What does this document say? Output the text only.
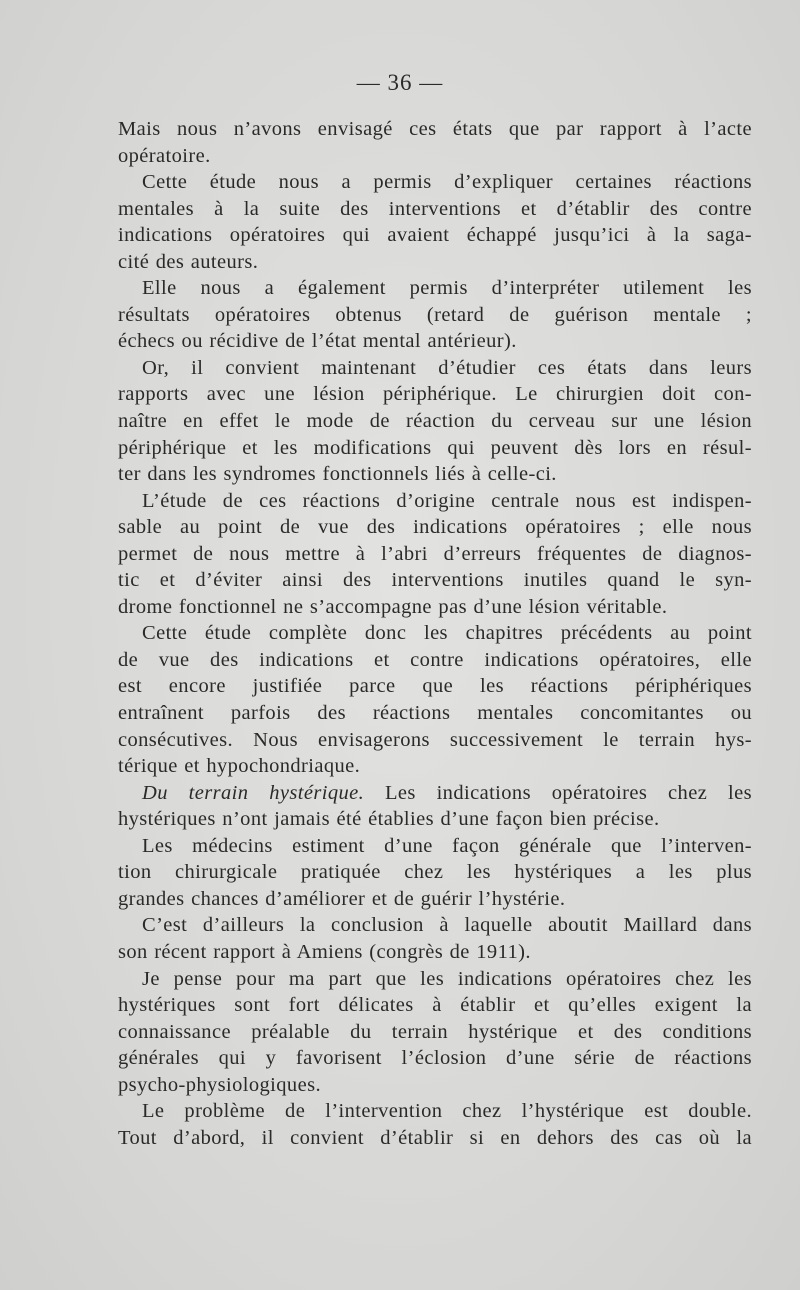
— 36 —
Mais nous n’avons envisagé ces états que par rapport à l’acte
opératoire.
Cette étude nous a permis d’expliquer certaines réactions
mentales à la suite des interventions et d’établir des contre
indications opératoires qui avaient échappé jusqu’ici à la saga-
cité des auteurs.
Elle nous a également permis d’interpréter utilement les
résultats opératoires obtenus (retard de guérison mentale ;
échecs ou récidive de l’état mental antérieur).
Or, il convient maintenant d’étudier ces états dans leurs
rapports avec une lésion périphérique. Le chirurgien doit con-
naître en effet le mode de réaction du cerveau sur une lésion
périphérique et les modifications qui peuvent dès lors en résul-
ter dans les syndromes fonctionnels liés à celle-ci.
L’étude de ces réactions d’origine centrale nous est indispen-
sable au point de vue des indications opératoires ; elle nous
permet de nous mettre à l’abri d’erreurs fréquentes de diagnos-
tic et d’éviter ainsi des interventions inutiles quand le syn-
drome fonctionnel ne s’accompagne pas d’une lésion véritable.
Cette étude complète donc les chapitres précédents au point
de vue des indications et contre indications opératoires, elle
est encore justifiée parce que les réactions périphériques
entraînent parfois des réactions mentales concomitantes ou
consécutives. Nous envisagerons successivement le terrain hys-
térique et hypochondriaque.
Du terrain hystérique. Les indications opératoires chez les
hystériques n’ont jamais été établies d’une façon bien précise.
Les médecins estiment d’une façon générale que l’interven-
tion chirurgicale pratiquée chez les hystériques a les plus
grandes chances d’améliorer et de guérir l’hystérie.
C’est d’ailleurs la conclusion à laquelle aboutit Maillard dans
son récent rapport à Amiens (congrès de 1911).
Je pense pour ma part que les indications opératoires chez les
hystériques sont fort délicates à établir et qu’elles exigent la
connaissance préalable du terrain hystérique et des conditions
générales qui y favorisent l’éclosion d’une série de réactions
psycho-physiologiques.
Le problème de l’intervention chez l’hystérique est double.
Tout d’abord, il convient d’établir si en dehors des cas où la
